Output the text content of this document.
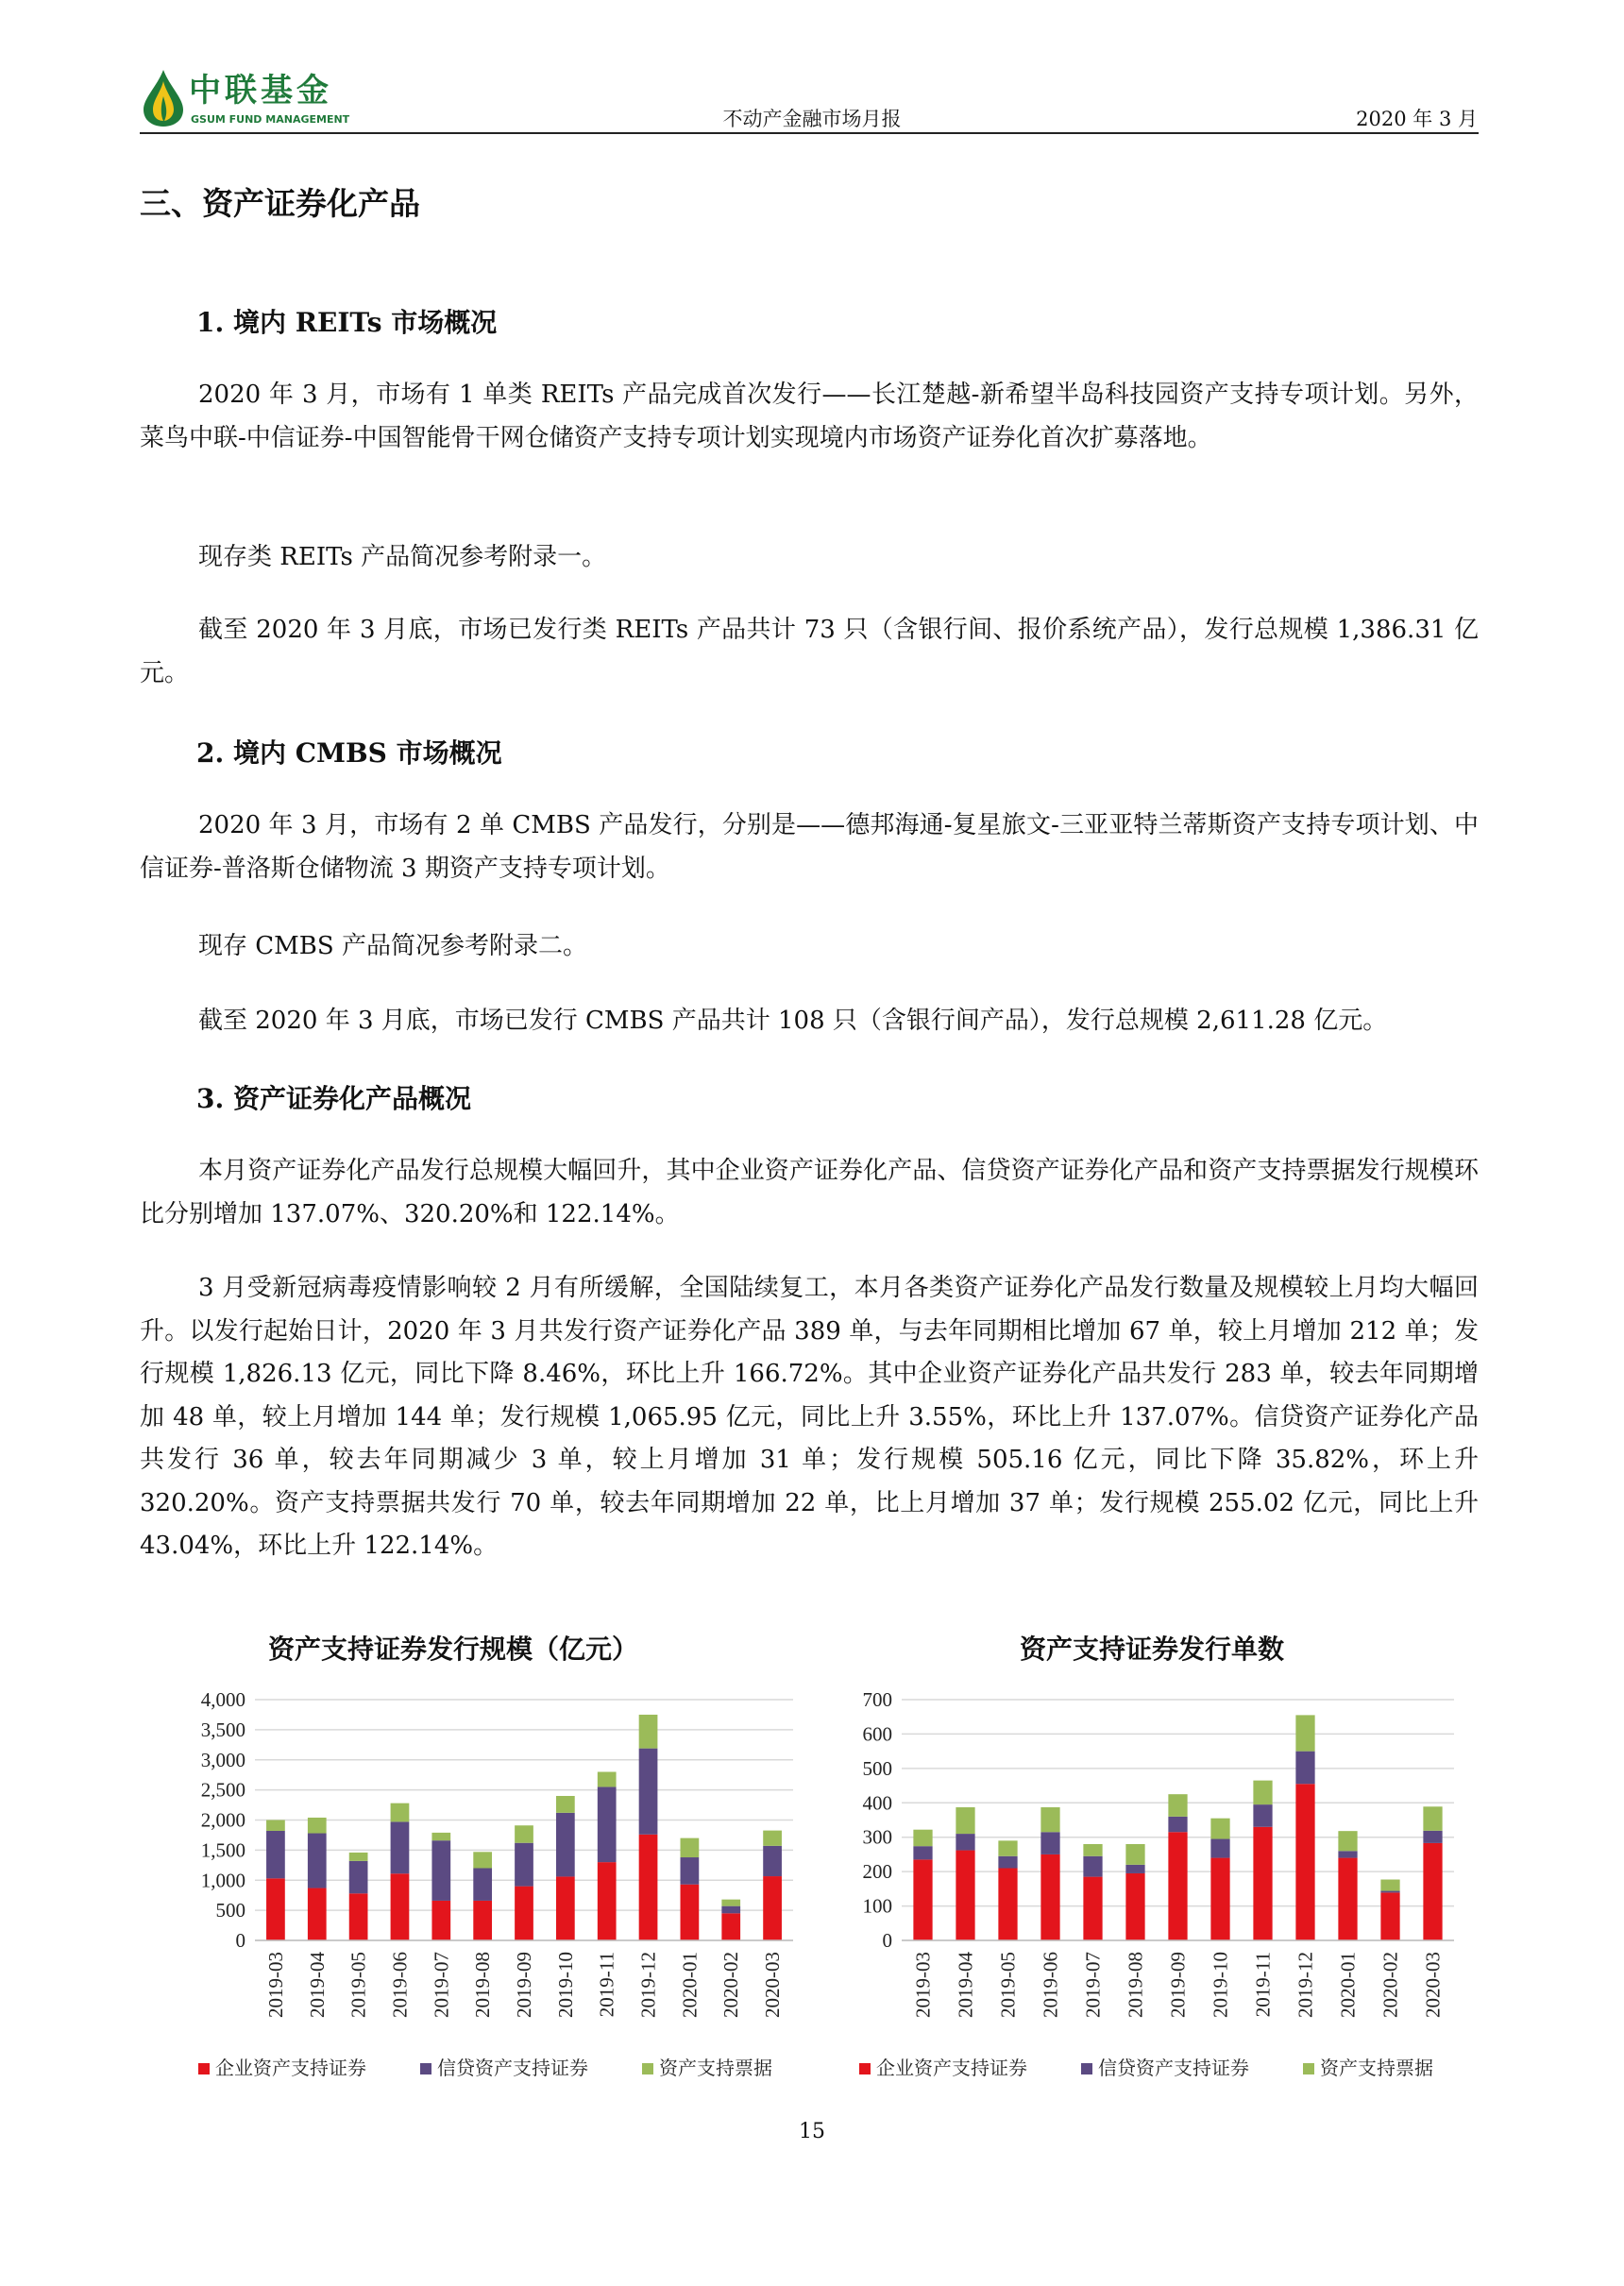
中联基金
GSUM FUND MANAGEMENT	不动产金融市场月报	2020 年 3 月
三、资产证券化产品
1. 境内 REITs 市场概况
2020 年 3 月，市场有 1 单类 REITs 产品完成首次发行——长江楚越-新希望半岛科技园资产支持专项计划。另外，菜鸟中联-中信证券-中国智能骨干网仓储资产支持专项计划实现境内市场资产证券化首次扩募落地。
现存类 REITs 产品简况参考附录一。
截至 2020 年 3 月底，市场已发行类 REITs 产品共计 73 只（含银行间、报价系统产品），发行总规模 1,386.31 亿元。
2. 境内 CMBS 市场概况
2020 年 3 月，市场有 2 单 CMBS 产品发行，分别是——德邦海通-复星旅文-三亚亚特兰蒂斯资产支持专项计划、中信证券-普洛斯仓储物流 3 期资产支持专项计划。
现存 CMBS 产品简况参考附录二。
截至 2020 年 3 月底，市场已发行 CMBS 产品共计 108 只（含银行间产品），发行总规模 2,611.28 亿元。
3. 资产证券化产品概况
本月资产证券化产品发行总规模大幅回升，其中企业资产证券化产品、信贷资产证券化产品和资产支持票据发行规模环比分别增加 137.07%、320.20%和 122.14%。
3 月受新冠病毒疫情影响较 2 月有所缓解，全国陆续复工，本月各类资产证券化产品发行数量及规模较上月均大幅回升。以发行起始日计，2020 年 3 月共发行资产证券化产品 389 单，与去年同期相比增加 67 单，较上月增加 212 单；发行规模 1,826.13 亿元，同比下降 8.46%，环比上升 166.72%。其中企业资产证券化产品共发行 283 单，较去年同期增加 48 单，较上月增加 144 单；发行规模 1,065.95 亿元，同比上升 3.55%，环比上升 137.07%。信贷资产证券化产品共发行 36 单，较去年同期减少 3 单，较上月增加 31 单；发行规模 505.16 亿元，同比下降 35.82%，环上升 320.20%。资产支持票据共发行 70 单，较去年同期增加 22 单，比上月增加 37 单；发行规模 255.02 亿元，同比上升 43.04%，环比上升 122.14%。
资产支持证券发行规模（亿元）	资产支持证券发行单数
0
500
1,000
1,500
2,000
2,500
3,000
3,500
4,000
2019-03 2019-04 2019-05 2019-06 2019-07 2019-08 2019-09 2019-10 2019-11 2019-12 2020-01 2020-02 2020-03
企业资产支持证券	信贷资产支持证券	资产支持票据
0
100
200
300
400
500
600
700
2019-03 2019-04 2019-05 2019-06 2019-07 2019-08 2019-09 2019-10 2019-11 2019-12 2020-01 2020-02 2020-03
企业资产支持证券	信贷资产支持证券	资产支持票据
15
